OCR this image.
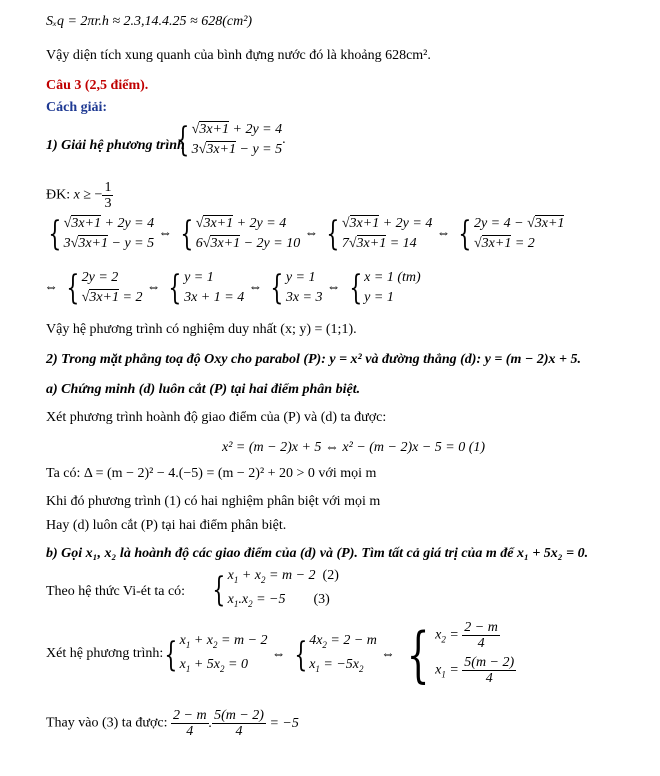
Sₓq = 2πr.h ≈ 2.3,14.4.25 ≈ 628(cm²)
Vậy diện tích xung quanh của bình đựng nước đó là khoảng 628cm².
Câu 3 (2,5 điểm).
Cách giải:
1) Giải hệ phương trình
{ √3x+1 + 2y = 4
3√3x+1 − y = 5
.
ĐK: x ≥ − $\frac{1}{3}$
{ √3x+1 + 2y = 4
3√3x+1 − y = 5
⇔ { √3x+1 + 2y = 4
6√3x+1 − 2y = 10
⇔ { √3x+1 + 2y = 4
7√3x+1 = 14
⇔ { 2y = 4 − √3x+1
√3x+1 = 2
⇔ { 2y = 2
√3x+1 = 2
⇔ { y = 1
3x + 1 = 4
⇔ { y = 1
3x = 3
⇔ { x = 1 (tm)
y = 1
Vậy hệ phương trình có nghiệm duy nhất (x; y) = (1;1).
2) Trong mặt phẳng toạ độ Oxy cho parabol (P): y = x² và đường thẳng (d): y = (m − 2)x + 5.
a) Chứng minh (d) luôn cắt (P) tại hai điểm phân biệt.
Xét phương trình hoành độ giao điểm của (P) và (d) ta được:
x² = (m − 2)x + 5 ⇔ x² − (m − 2)x − 5 = 0 (1)
Ta có: Δ = (m − 2)² − 4.(−5) = (m − 2)² + 20 > 0 với mọi m
Khi đó phương trình (1) có hai nghiệm phân biệt với mọi m
Hay (d) luôn cắt (P) tại hai điểm phân biệt.
b) Gọi x₁, x₂ là hoành độ các giao điểm của (d) và (P). Tìm tất cả giá trị của m để x₁ + 5x₂ = 0.
Theo hệ thức Vi-ét ta có: { $x_1 + x_2 = m - 2$  (2)
$x_1.x_2 = -5$        (3)
Xét hệ phương trình: { $x_1 + x_2 = m - 2$
$x_1 + 5x_2 = 0$
⇔ { $4x_2 = 2 - m$
$x_1 = -5x_2$
⇔ { $x_2 = \frac{2 - m}{4}$
$x_1 = \frac{5(m - 2)}{4}$
Thay vào (3) ta được: $\frac{2 - m}{4}$ . $\frac{5(m - 2)}{4} = -5$
